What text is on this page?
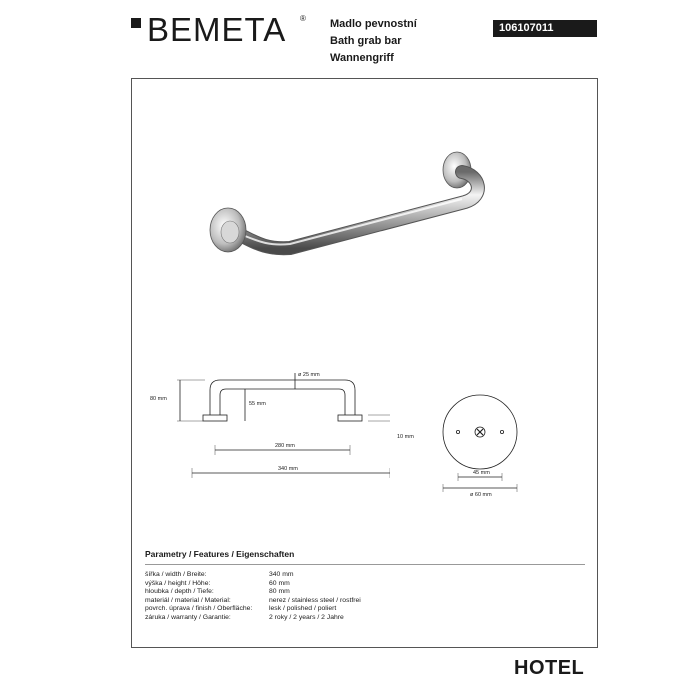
BEMETA ® Madlo pevnostní
Bath grab bar
Wannengriff
106107011
80 mm
55 mm
ø 25 mm
280 mm
340 mm
10 mm
45 mm
ø 60 mm
Parametry / Features / Eigenschaften
šířka / width / Breite:	340 mm
výška / height / Höhe:	60 mm
hloubka / depth / Tiefe:	80 mm
materiál / material / Material:	nerez / stainless steel / rostfrei
povrch. úprava / finish / Oberfläche:	lesk / polished / poliert
záruka / warranty / Garantie:	2 roky / 2 years / 2 Jahre
HOTEL
